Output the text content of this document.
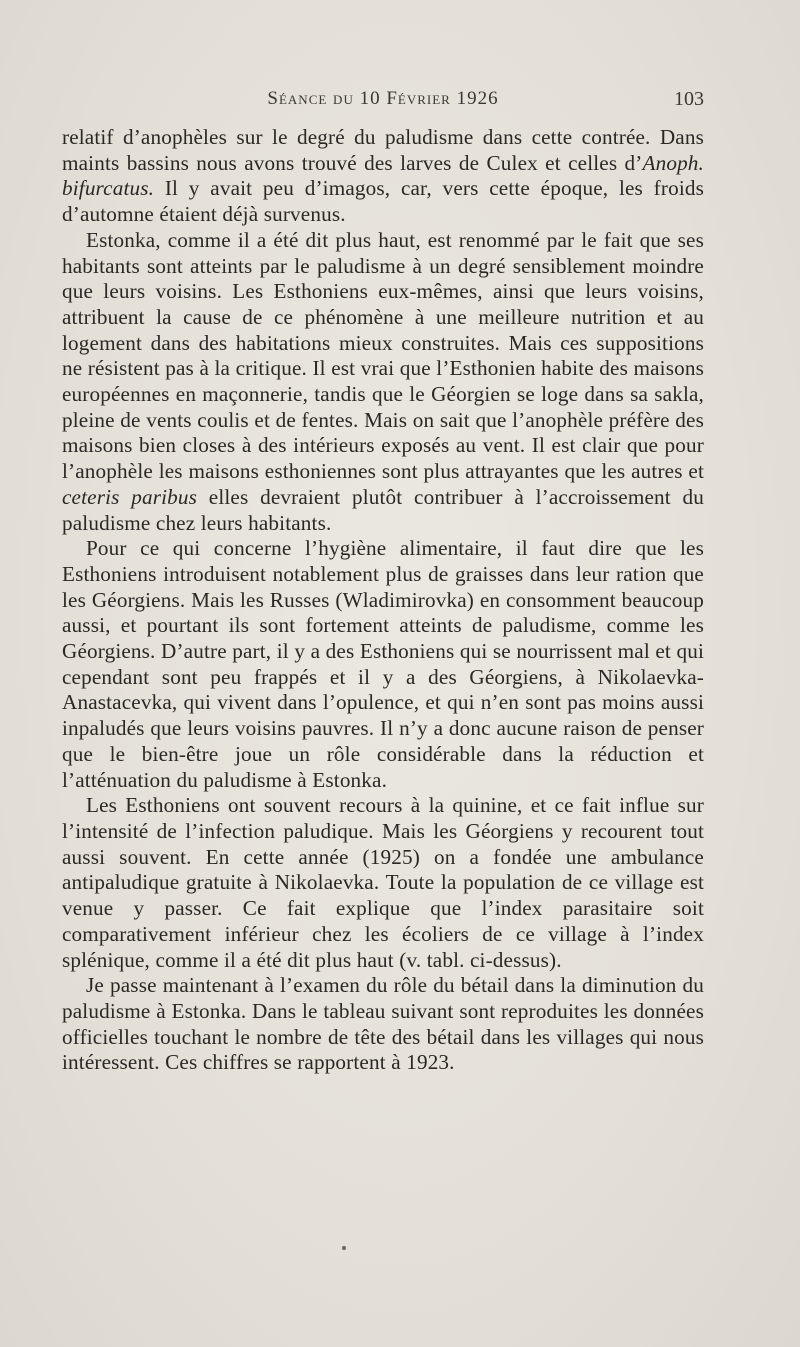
Séance du 10 Février 1926	103

relatif d’anophèles sur le degré du paludisme dans cette contrée. Dans maints bassins nous avons trouvé des larves de Culex et celles d’Anoph. bifurcatus. Il y avait peu d’imagos, car, vers cette époque, les froids d’automne étaient déjà survenus.

Estonka, comme il a été dit plus haut, est renommé par le fait que ses habitants sont atteints par le paludisme à un degré sensiblement moindre que leurs voisins. Les Esthoniens eux-mêmes, ainsi que leurs voisins, attribuent la cause de ce phénomène à une meilleure nutrition et au logement dans des habitations mieux construites. Mais ces suppositions ne résistent pas à la critique. Il est vrai que l’Esthonien habite des maisons européennes en maçonnerie, tandis que le Géorgien se loge dans sa sakla, pleine de vents coulis et de fentes. Mais on sait que l’anophèle préfère des maisons bien closes à des intérieurs exposés au vent. Il est clair que pour l’anophèle les maisons esthoniennes sont plus attrayantes que les autres et ceteris paribus elles devraient plutôt contribuer à l’accroissement du paludisme chez leurs habitants.

Pour ce qui concerne l’hygiène alimentaire, il faut dire que les Esthoniens introduisent notablement plus de graisses dans leur ration que les Géorgiens. Mais les Russes (Wladimirovka) en consomment beaucoup aussi, et pourtant ils sont fortement atteints de paludisme, comme les Géorgiens. D’autre part, il y a des Esthoniens qui se nourrissent mal et qui cependant sont peu frappés et il y a des Géorgiens, à Nikolaevka-Anastacevka, qui vivent dans l’opulence, et qui n’en sont pas moins aussi inpaludés que leurs voisins pauvres. Il n’y a donc aucune raison de penser que le bien-être joue un rôle considérable dans la réduction et l’atténuation du paludisme à Estonka.

Les Esthoniens ont souvent recours à la quinine, et ce fait influe sur l’intensité de l’infection paludique. Mais les Géorgiens y recourent tout aussi souvent. En cette année (1925) on a fondée une ambulance antipaludique gratuite à Nikolaevka. Toute la population de ce village est venue y passer. Ce fait explique que l’index parasitaire soit comparativement inférieur chez les écoliers de ce village à l’index splénique, comme il a été dit plus haut (v. tabl. ci-dessus).

Je passe maintenant à l’examen du rôle du bétail dans la diminution du paludisme à Estonka. Dans le tableau suivant sont reproduites les données officielles touchant le nombre de tête des bétail dans les villages qui nous intéressent. Ces chiffres se rapportent à 1923.
